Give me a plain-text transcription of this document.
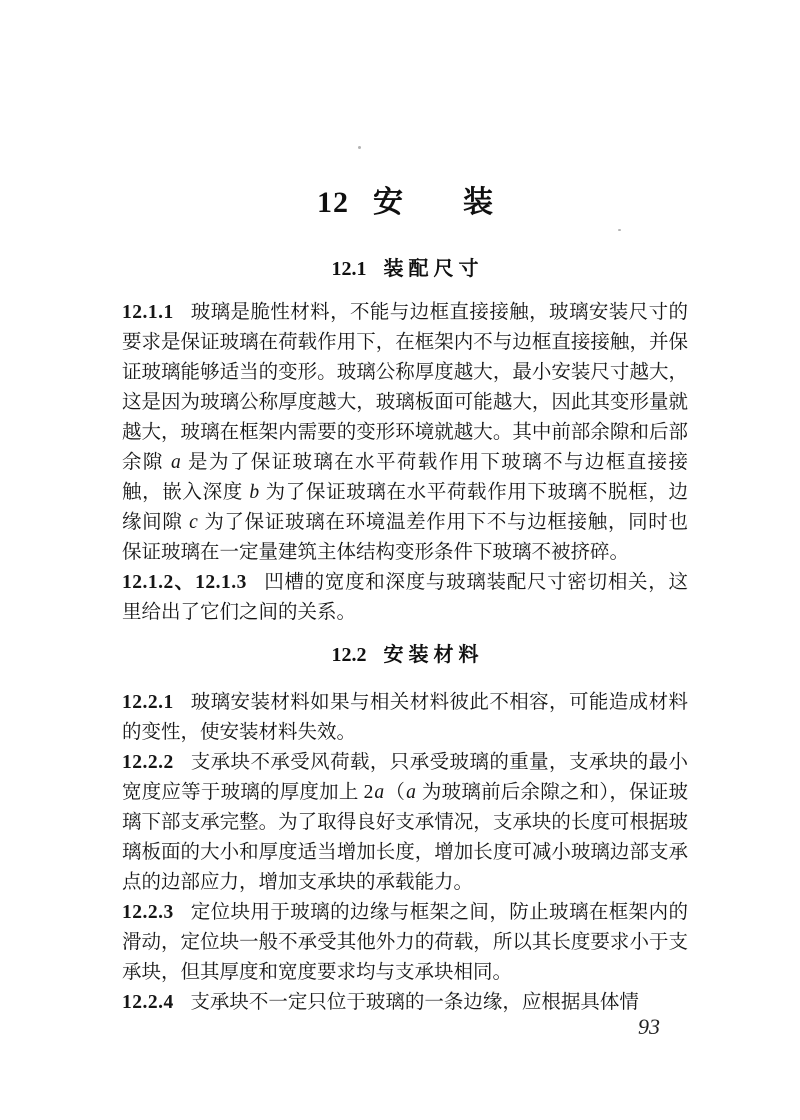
12 安　　装
12.1 装 配 尺 寸

12.1.1 玻璃是脆性材料，不能与边框直接接触，玻璃安装尺寸的要求是保证玻璃在荷载作用下，在框架内不与边框直接接触，并保证玻璃能够适当的变形。玻璃公称厚度越大，最小安装尺寸越大，这是因为玻璃公称厚度越大，玻璃板面可能越大，因此其变形量就越大，玻璃在框架内需要的变形环境就越大。其中前部余隙和后部余隙 a 是为了保证玻璃在水平荷载作用下玻璃不与边框直接接触，嵌入深度 b 为了保证玻璃在水平荷载作用下玻璃不脱框，边缘间隙 c 为了保证玻璃在环境温差作用下不与边框接触，同时也保证玻璃在一定量建筑主体结构变形条件下玻璃不被挤碎。

12.1.2、12.1.3 凹槽的宽度和深度与玻璃装配尺寸密切相关，这里给出了它们之间的关系。

12.2 安 装 材 料

12.2.1 玻璃安装材料如果与相关材料彼此不相容，可能造成材料的变性，使安装材料失效。

12.2.2 支承块不承受风荷载，只承受玻璃的重量，支承块的最小宽度应等于玻璃的厚度加上 2a（a 为玻璃前后余隙之和），保证玻璃下部支承完整。为了取得良好支承情况，支承块的长度可根据玻璃板面的大小和厚度适当增加长度，增加长度可减小玻璃边部支承点的边部应力，增加支承块的承载能力。

12.2.3 定位块用于玻璃的边缘与框架之间，防止玻璃在框架内的滑动，定位块一般不承受其他外力的荷载，所以其长度要求小于支承块，但其厚度和宽度要求均与支承块相同。

12.2.4 支承块不一定只位于玻璃的一条边缘，应根据具体情

93
